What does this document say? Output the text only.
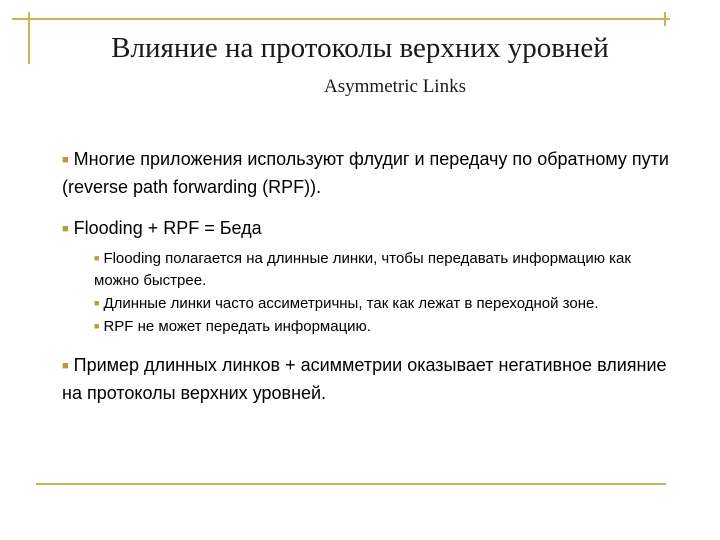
Влияние на протоколы верхних уровней
Asymmetric Links

■ Многие приложения используют флудиг и передачу по обратному пути (reverse path forwarding (RPF)).

■ Flooding + RPF = Беда

■ Flooding полагается на длинные линки, чтобы передавать информацию как можно быстрее.

■ Длинные линки часто ассиметричны, так как лежат в переходной зоне.

■ RPF не может передать информацию.

■ Пример длинных линков + асимметрии оказывает негативное влияние на протоколы верхних уровней.
